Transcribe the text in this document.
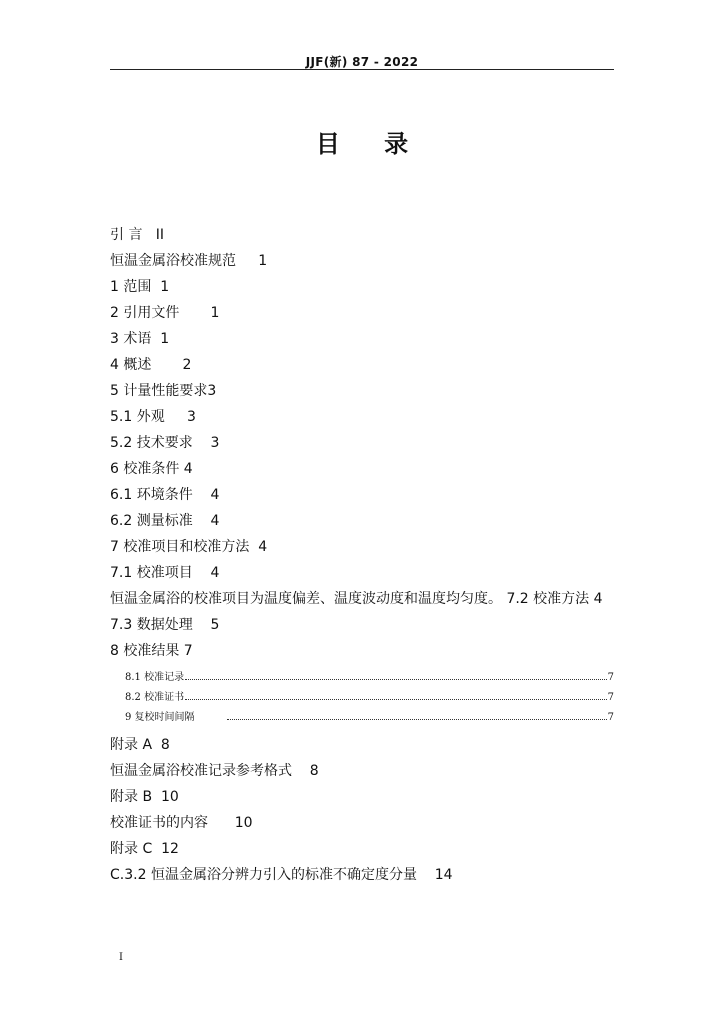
JJF(新) 87 - 2022
目 录
引 言   II
恒温金属浴校准规范     1
1 范围  1
2 引用文件       1
3 术语  1
4 概述       2
5 计量性能要求3
5.1 外观     3
5.2 技术要求    3
6 校准条件 4
6.1 环境条件    4
6.2 测量标准    4
7 校准项目和校准方法  4
7.1 校准项目    4
恒温金属浴的校准项目为温度偏差、温度波动度和温度均匀度。 7.2 校准方法 4
7.3 数据处理    5
8 校准结果 7
8.1 校准记录	7
8.2 校准证书	7
9 复校时间间隔	7
附录 A  8
恒温金属浴校准记录参考格式    8
附录 B  10
校准证书的内容      10
附录 C  12
C.3.2 恒温金属浴分辨力引入的标准不确定度分量    14
I
